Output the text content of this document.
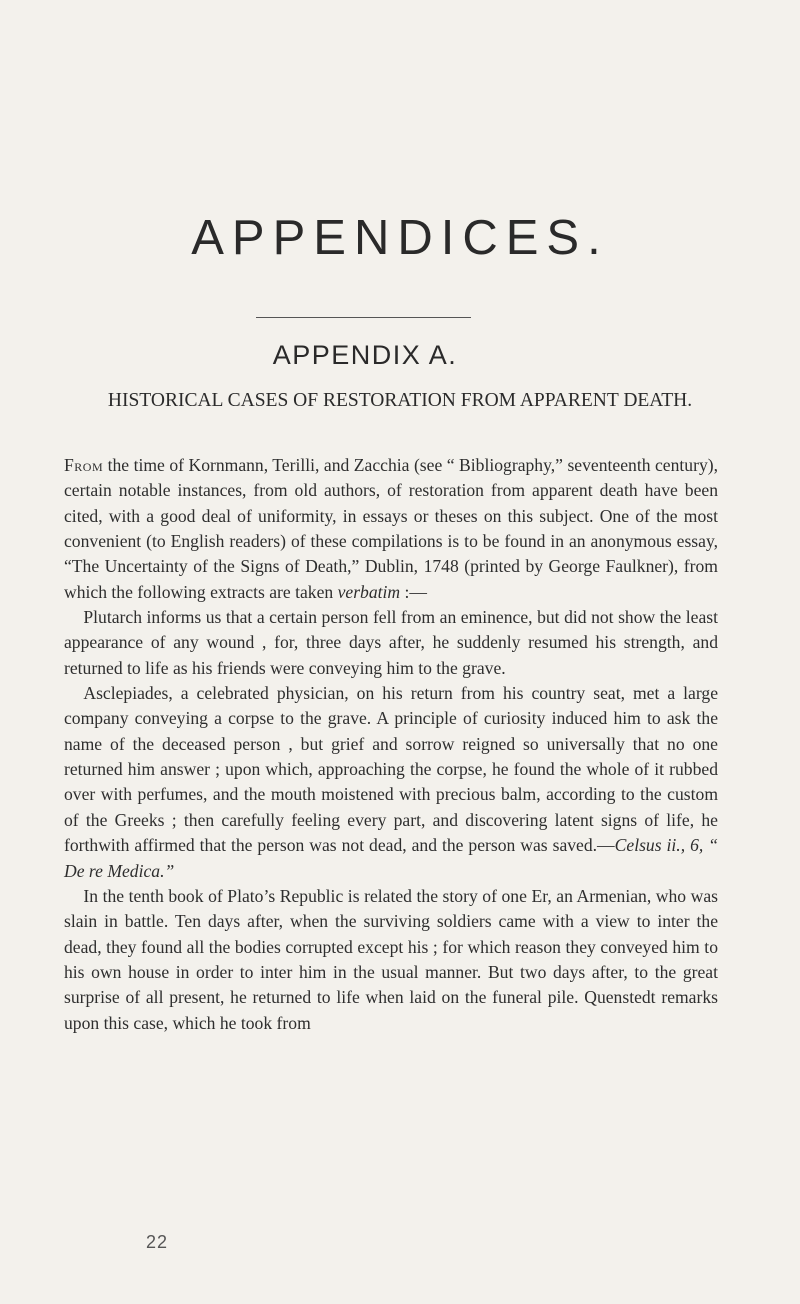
APPENDICES.
APPENDIX A.
HISTORICAL CASES OF RESTORATION FROM APPARENT DEATH.

From the time of Kornmann, Terilli, and Zacchia (see “ Bibliography,” seventeenth century), certain notable instances, from old authors, of restoration from apparent death have been cited, with a good deal of uniformity, in essays or theses on this subject. One of the most convenient (to English readers) of these compilations is to be found in an anonymous essay, “The Uncertainty of the Signs of Death,” Dublin, 1748 (printed by George Faulkner), from which the following extracts are taken verbatim :—

Plutarch informs us that a certain person fell from an eminence, but did not show the least appearance of any wound , for, three days after, he suddenly resumed his strength, and returned to life as his friends were conveying him to the grave.

Asclepiades, a celebrated physician, on his return from his country seat, met a large company conveying a corpse to the grave. A principle of curiosity induced him to ask the name of the deceased person , but grief and sorrow reigned so universally that no one returned him answer ; upon which, approaching the corpse, he found the whole of it rubbed over with perfumes, and the mouth moistened with precious balm, according to the custom of the Greeks ; then carefully feeling every part, and discovering latent signs of life, he forthwith affirmed that the person was not dead, and the person was saved.—Celsus ii., 6, “ De re Medica.”

In the tenth book of Plato’s Republic is related the story of one Er, an Armenian, who was slain in battle. Ten days after, when the surviving soldiers came with a view to inter the dead, they found all the bodies corrupted except his ; for which reason they conveyed him to his own house in order to inter him in the usual manner. But two days after, to the great surprise of all present, he returned to life when laid on the funeral pile. Quenstedt remarks upon this case, which he took from

22
